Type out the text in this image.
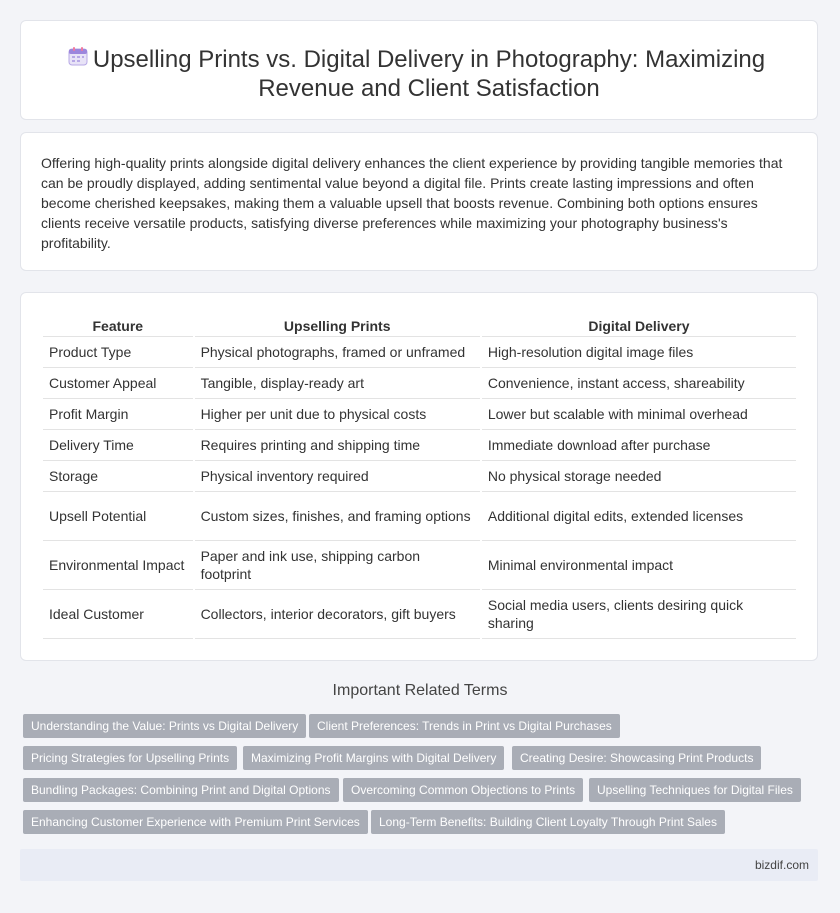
Upselling Prints vs. Digital Delivery in Photography: Maximizing Revenue and Client Satisfaction

Offering high-quality prints alongside digital delivery enhances the client experience by providing tangible memories that can be proudly displayed, adding sentimental value beyond a digital file. Prints create lasting impressions and often become cherished keepsakes, making them a valuable upsell that boosts revenue. Combining both options ensures clients receive versatile products, satisfying diverse preferences while maximizing your photography business's profitability.

Feature	Upselling Prints	Digital Delivery
Product Type	Physical photographs, framed or unframed	High-resolution digital image files
Customer Appeal	Tangible, display-ready art	Convenience, instant access, shareability
Profit Margin	Higher per unit due to physical costs	Lower but scalable with minimal overhead
Delivery Time	Requires printing and shipping time	Immediate download after purchase
Storage	Physical inventory required	No physical storage needed
Upsell Potential	Custom sizes, finishes, and framing options	Additional digital edits, extended licenses
Environmental Impact	Paper and ink use, shipping carbon footprint	Minimal environmental impact
Ideal Customer	Collectors, interior decorators, gift buyers	Social media users, clients desiring quick sharing
Important Related Terms
Understanding the Value: Prints vs Digital Delivery	Client Preferences: Trends in Print vs Digital Purchases
Pricing Strategies for Upselling Prints	Maximizing Profit Margins with Digital Delivery	Creating Desire: Showcasing Print Products
Bundling Packages: Combining Print and Digital Options	Overcoming Common Objections to Prints	Upselling Techniques for Digital Files
Enhancing Customer Experience with Premium Print Services	Long-Term Benefits: Building Client Loyalty Through Print Sales
bizdif.com
